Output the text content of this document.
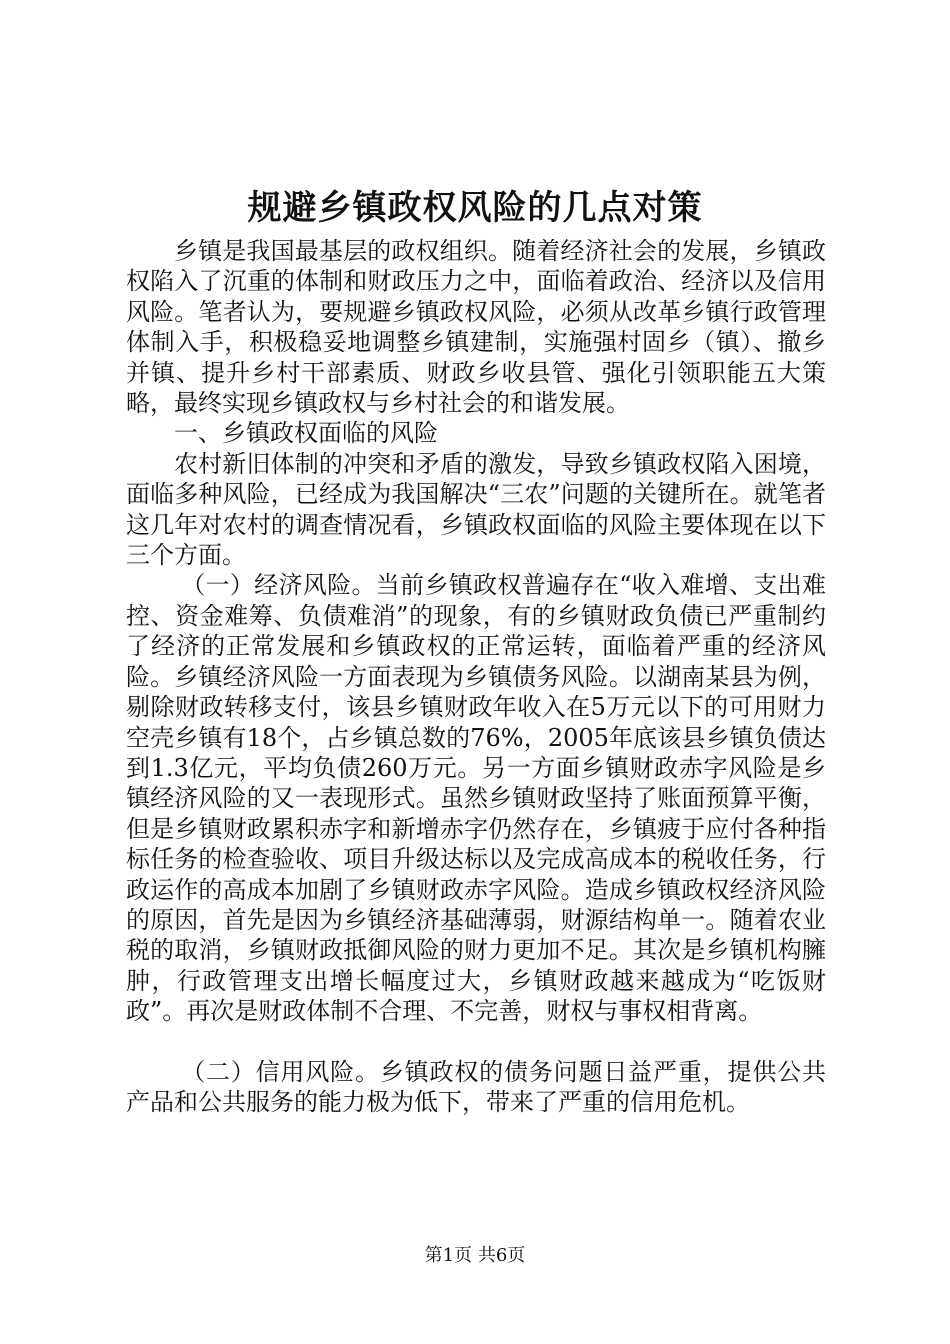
规避乡镇政权风险的几点对策

乡镇是我国最基层的政权组织。随着经济社会的发展，乡镇政权陷入了沉重的体制和财政压力之中，面临着政治、经济以及信用风险。笔者认为，要规避乡镇政权风险，必须从改革乡镇行政管理体制入手，积极稳妥地调整乡镇建制，实施强村固乡（镇）、撤乡并镇、提升乡村干部素质、财政乡收县管、强化引领职能五大策略，最终实现乡镇政权与乡村社会的和谐发展。

一、乡镇政权面临的风险

农村新旧体制的冲突和矛盾的激发，导致乡镇政权陷入困境，面临多种风险，已经成为我国解决“三农”问题的关键所在。就笔者这几年对农村的调查情况看，乡镇政权面临的风险主要体现在以下三个方面。

（一）经济风险。当前乡镇政权普遍存在“收入难增、支出难控、资金难筹、负债难消”的现象，有的乡镇财政负债已严重制约了经济的正常发展和乡镇政权的正常运转，面临着严重的经济风险。乡镇经济风险一方面表现为乡镇债务风险。以湖南某县为例，剔除财政转移支付，该县乡镇财政年收入在5万元以下的可用财力空壳乡镇有18个，占乡镇总数的76%，2005年底该县乡镇负债达到1.3亿元，平均负债260万元。另一方面乡镇财政赤字风险是乡镇经济风险的又一表现形式。虽然乡镇财政坚持了账面预算平衡，但是乡镇财政累积赤字和新增赤字仍然存在，乡镇疲于应付各种指标任务的检查验收、项目升级达标以及完成高成本的税收任务，行政运作的高成本加剧了乡镇财政赤字风险。造成乡镇政权经济风险的原因，首先是因为乡镇经济基础薄弱，财源结构单一。随着农业税的取消，乡镇财政抵御风险的财力更加不足。其次是乡镇机构臃肿，行政管理支出增长幅度过大，乡镇财政越来越成为“吃饭财政”。再次是财政体制不合理、不完善，财权与事权相背离。

（二）信用风险。乡镇政权的债务问题日益严重，提供公共产品和公共服务的能力极为低下，带来了严重的信用危机。

第1页 共6页
